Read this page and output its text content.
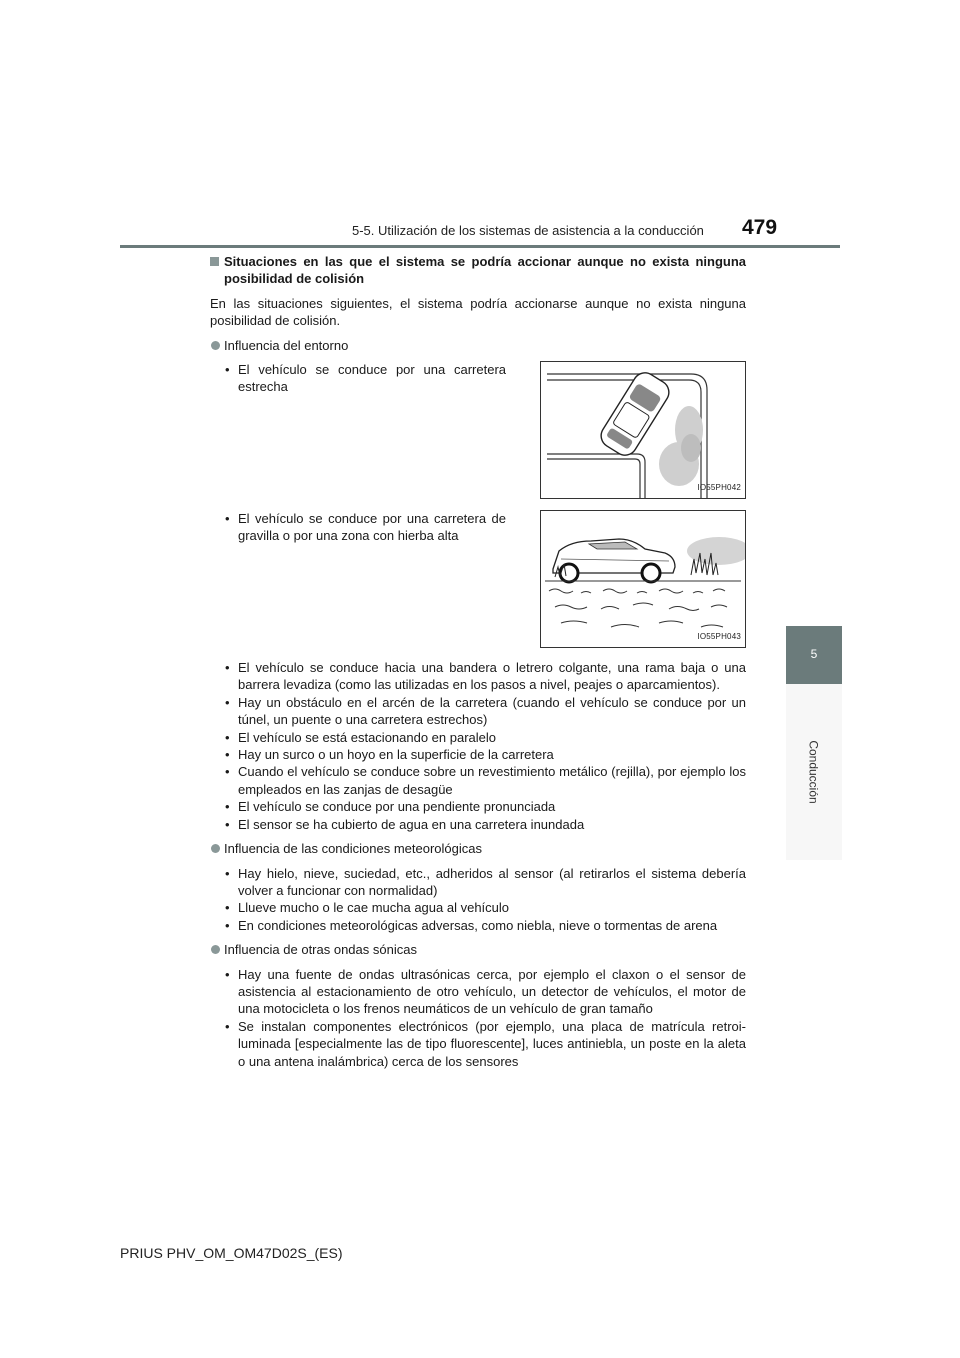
5-5. Utilización de los sistemas de asistencia a la conducción 479
5
Conducción
Situaciones en las que el sistema se podría accionar aunque no exista ninguna posibilidad de colisión
En las situaciones siguientes, el sistema podría accionarse aunque no exista ninguna posibilidad de colisión.
Influencia del entorno
• El vehículo se conduce por una carretera estrecha
IO55PH042
• El vehículo se conduce por una carretera de gravilla o por una zona con hierba alta
IO55PH043
• El vehículo se conduce hacia una bandera o letrero colgante, una rama baja o una barrera levadiza (como las utilizadas en los pasos a nivel, peajes o aparcamientos).
• Hay un obstáculo en el arcén de la carretera (cuando el vehículo se conduce por un túnel, un puente o una carretera estrechos)
• El vehículo se está estacionando en paralelo
• Hay un surco o un hoyo en la superficie de la carretera
• Cuando el vehículo se conduce sobre un revestimiento metálico (rejilla), por ejemplo los empleados en las zanjas de desagüe
• El vehículo se conduce por una pendiente pronunciada
• El sensor se ha cubierto de agua en una carretera inundada
Influencia de las condiciones meteorológicas
• Hay hielo, nieve, suciedad, etc., adheridos al sensor (al retirarlos el sistema debería volver a funcionar con normalidad)
• Llueve mucho o le cae mucha agua al vehículo
• En condiciones meteorológicas adversas, como niebla, nieve o tormentas de arena
Influencia de otras ondas sónicas
• Hay una fuente de ondas ultrasónicas cerca, por ejemplo el claxon o el sensor de asistencia al estacionamiento de otro vehículo, un detector de vehículos, el motor de una motocicleta o los frenos neumáticos de un vehículo de gran tamaño
• Se instalan componentes electrónicos (por ejemplo, una placa de matrícula retroiluminada [especialmente las de tipo fluorescente], luces antiniebla, un poste en la aleta o una antena inalámbrica) cerca de los sensores
PRIUS PHV_OM_OM47D02S_(ES)
